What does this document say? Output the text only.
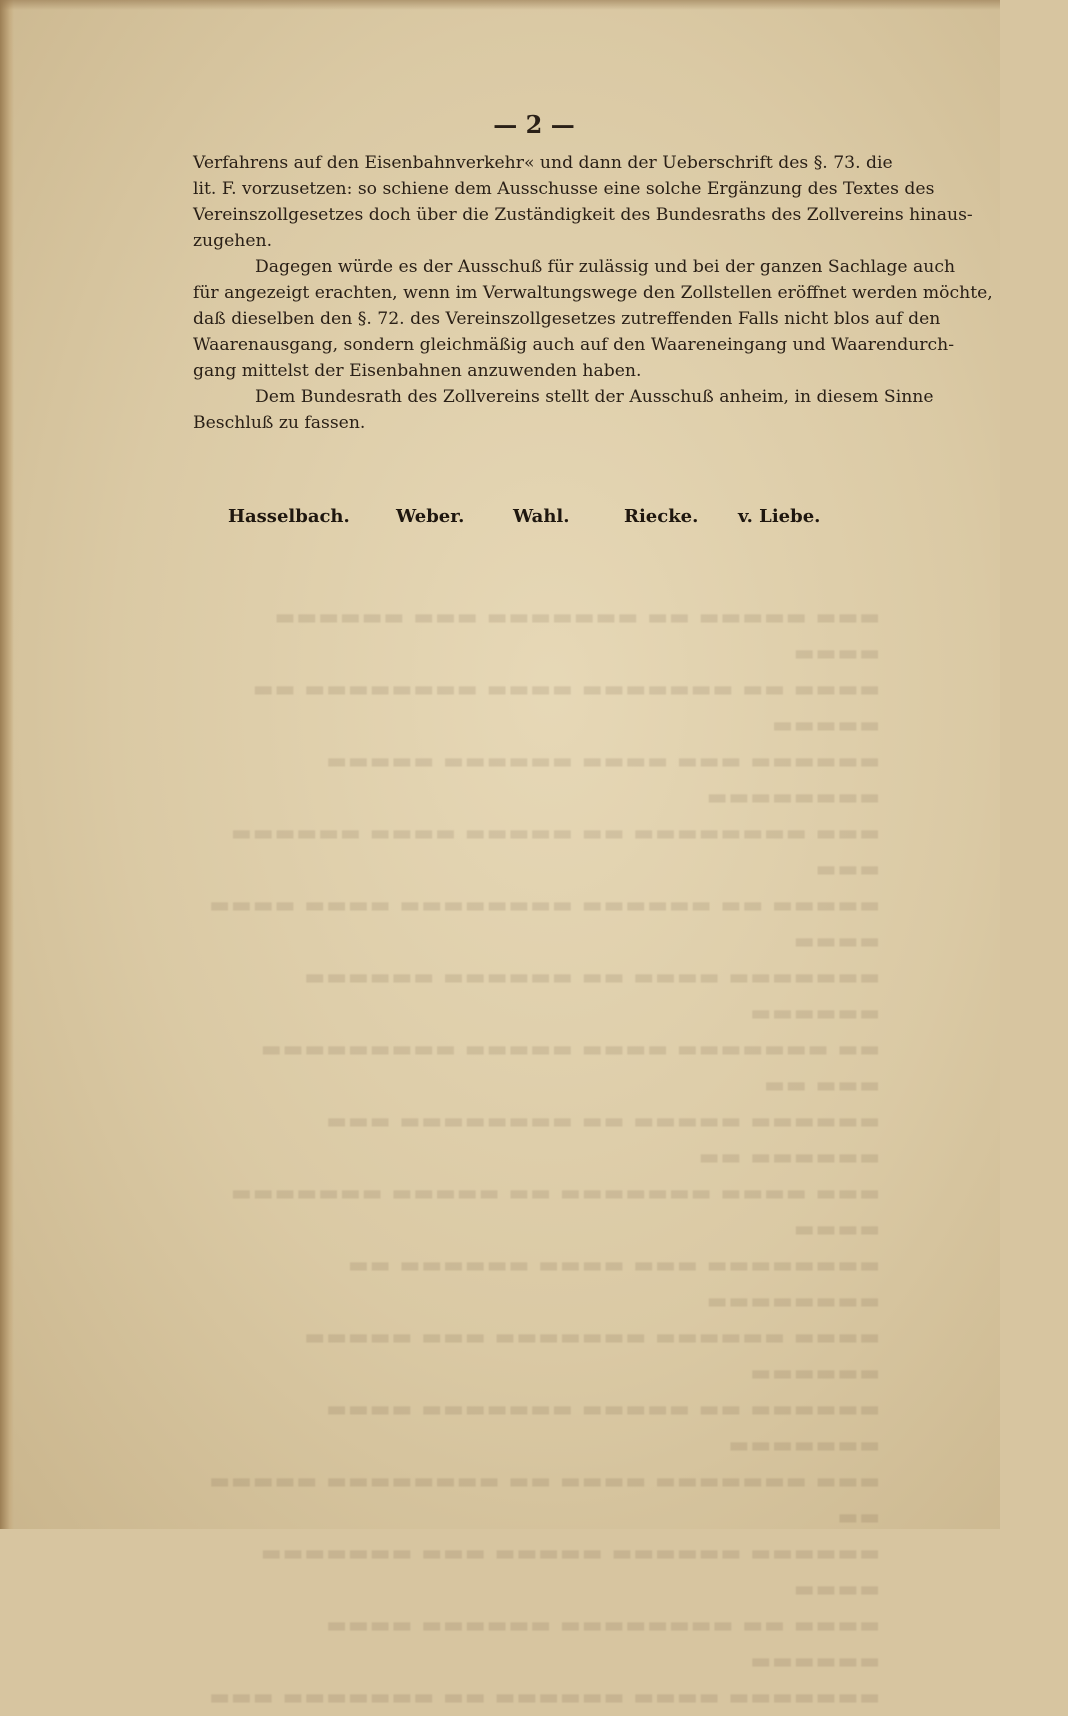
▬▬▬ ▬▬▬▬▬ ▬▬ ▬▬▬▬▬▬▬ ▬▬▬ ▬▬▬▬▬▬ ▬▬▬▬
▬▬▬▬ ▬▬ ▬▬▬▬▬▬▬ ▬▬▬▬ ▬▬▬▬▬▬▬▬ ▬▬ ▬▬▬▬▬
▬▬▬▬▬▬ ▬▬▬ ▬▬▬▬ ▬▬▬▬▬▬ ▬▬▬▬▬ ▬▬▬▬▬▬▬▬
▬▬▬ ▬▬▬▬▬▬▬▬ ▬▬ ▬▬▬▬▬ ▬▬▬▬ ▬▬▬▬▬▬ ▬▬▬
▬▬▬▬▬ ▬▬ ▬▬▬▬▬▬ ▬▬▬▬▬▬▬▬ ▬▬▬▬ ▬▬▬▬ ▬▬▬▬
▬▬▬▬▬▬▬ ▬▬▬▬ ▬▬ ▬▬▬▬▬▬ ▬▬▬▬▬▬ ▬▬▬▬▬▬
▬▬ ▬▬▬▬▬▬▬ ▬▬▬▬ ▬▬▬▬▬ ▬▬▬▬▬▬▬▬▬ ▬▬▬ ▬▬
▬▬▬▬▬▬ ▬▬▬▬▬ ▬▬ ▬▬▬▬▬▬▬▬ ▬▬▬ ▬▬▬▬▬▬ ▬▬
▬▬▬ ▬▬▬▬ ▬▬▬▬▬▬▬ ▬▬ ▬▬▬▬▬ ▬▬▬▬▬▬▬ ▬▬▬▬
▬▬▬▬▬▬▬▬ ▬▬▬ ▬▬▬▬ ▬▬▬▬▬▬ ▬▬ ▬▬▬▬▬▬▬▬
▬▬▬▬ ▬▬▬▬▬▬ ▬▬▬▬▬▬▬ ▬▬▬ ▬▬▬▬▬ ▬▬▬▬▬▬
▬▬▬▬▬▬ ▬▬ ▬▬▬▬▬ ▬▬▬▬▬▬▬ ▬▬▬▬ ▬▬▬▬▬▬▬
▬▬▬ ▬▬▬▬▬▬▬ ▬▬▬▬ ▬▬ ▬▬▬▬▬▬▬▬ ▬▬▬▬▬ ▬▬
▬▬▬▬▬▬ ▬▬▬▬▬▬ ▬▬▬▬▬ ▬▬▬ ▬▬▬▬▬▬▬ ▬▬▬▬
▬▬▬▬ ▬▬ ▬▬▬▬▬▬▬▬ ▬▬▬▬▬▬ ▬▬▬▬ ▬▬▬▬▬▬
▬▬▬▬▬▬▬ ▬▬▬▬ ▬▬▬▬▬▬ ▬▬ ▬▬▬▬▬▬▬ ▬▬▬
— 2 —
Verfahrens auf den Eisenbahnverkehr« und dann der Ueberschrift des §. 73. die
lit. F. vorzusetzen: so schiene dem Ausschusse eine solche Ergänzung des Textes des
Vereinszollgesetzes doch über die Zuständigkeit des Bundesraths des Zollvereins hinaus-
zugehen.
Dagegen würde es der Ausschuß für zulässig und bei der ganzen Sachlage auch
für angezeigt erachten, wenn im Verwaltungswege den Zollstellen eröffnet werden möchte,
daß dieselben den §. 72. des Vereinszollgesetzes zutreffenden Falls nicht blos auf den
Waarenausgang, sondern gleichmäßig auch auf den Waareneingang und Waarendurch-
gang mittelst der Eisenbahnen anzuwenden haben.
Dem Bundesrath des Zollvereins stellt der Ausschuß anheim, in diesem Sinne
Beschluß zu fassen.
Hasselbach.	Weber.	Wahl.	Riecke. v. Liebe.
